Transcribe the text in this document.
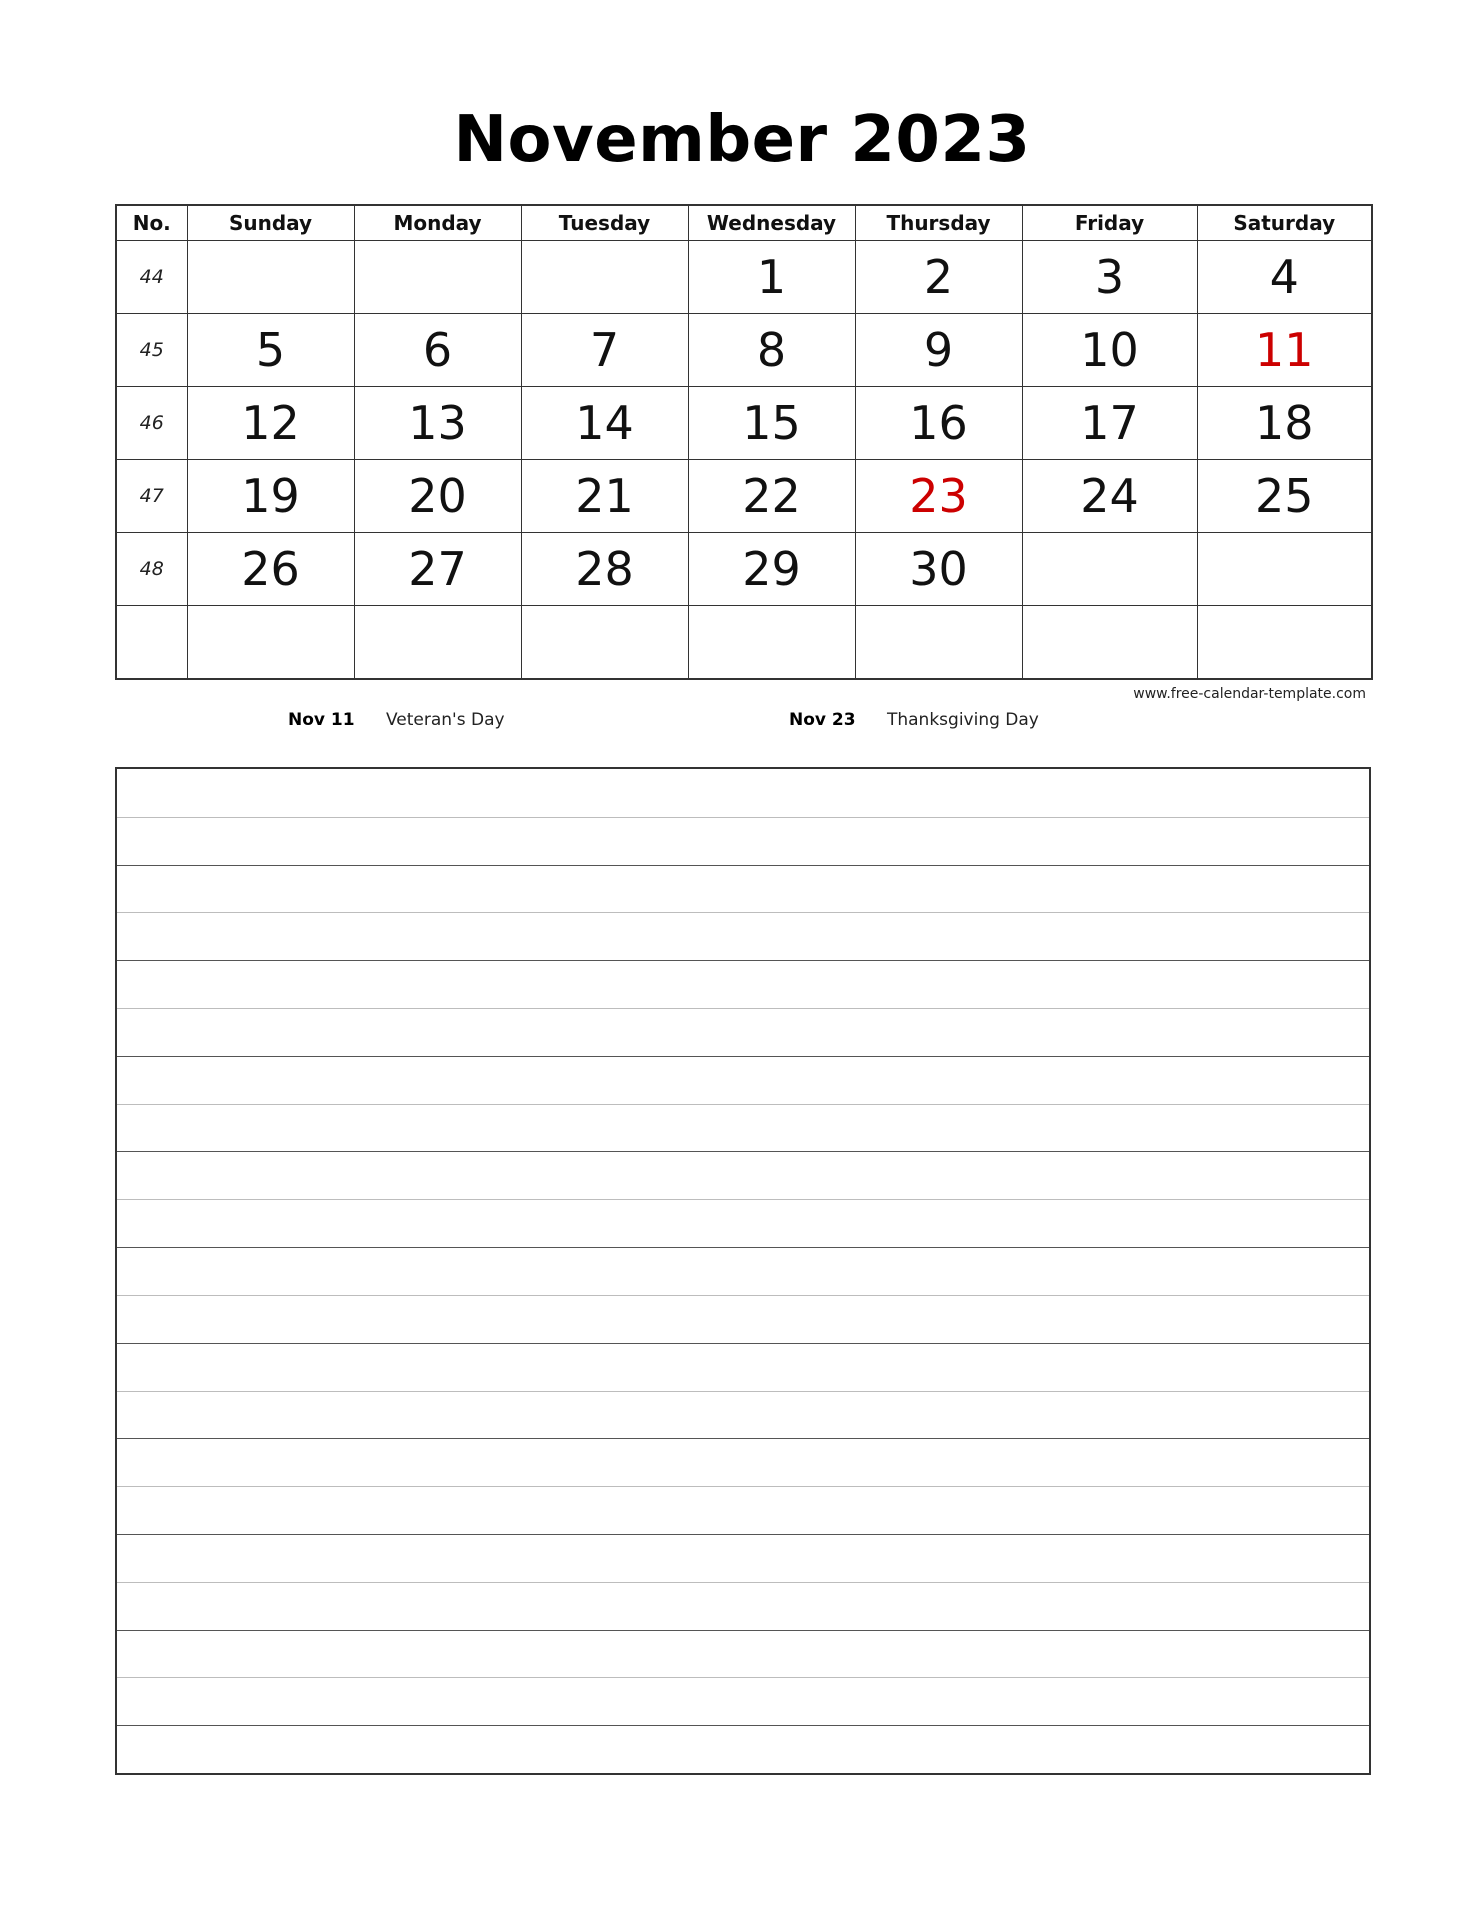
November 2023
No.	Sunday	Monday	Tuesday	Wednesday	Thursday	Friday	Saturday
44				1	2	3	4
45	5	6	7	8	9	10	11
46	12	13	14	15	16	17	18
47	19	20	21	22	23	24	25
48	26	27	28	29	30		

www.free-calendar-template.com
Nov 11 Veteran's Day	Nov 23 Thanksgiving Day
